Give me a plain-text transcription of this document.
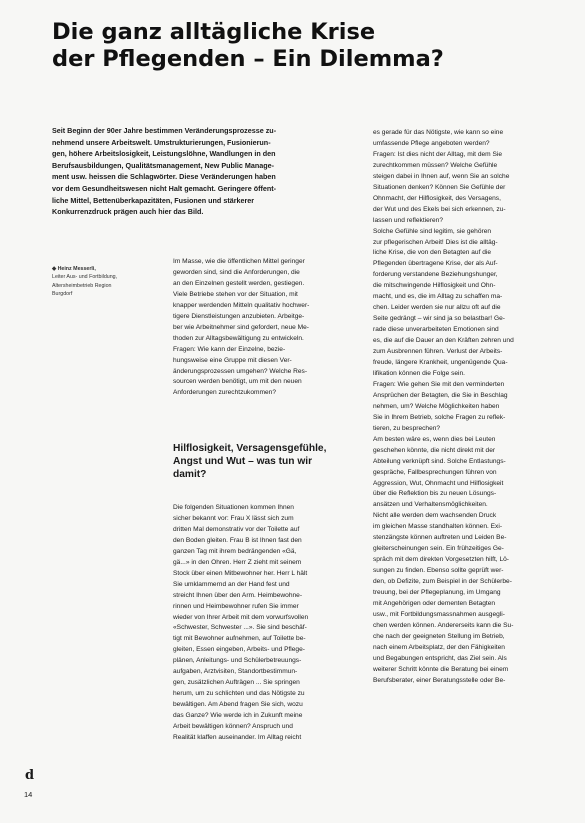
Die ganz alltägliche Krise
der Pflegenden – Ein Dilemma?
Seit Beginn der 90er Jahre bestimmen Veränderungsprozesse zu-
nehmend unsere Arbeitswelt. Umstrukturierungen, Fusionierun-
gen, höhere Arbeitslosigkeit, Leistungslöhne, Wandlungen in den
Berufsausbildungen, Qualitätsmanagement, New Public Manage-
ment usw. heissen die Schlagwörter. Diese Veränderungen haben
vor dem Gesundheitswesen nicht Halt gemacht. Geringere öffent-
liche Mittel, Bettenüberkapazitäten, Fusionen und stärkerer
Konkurrenzdruck prägen auch hier das Bild.
◆ Heinz Messerli,
Leiter Aus- und Fortbildung,
Altersheimbetrieb Region
Burgdorf
Im Masse, wie die öffentlichen Mittel geringer
geworden sind, sind die Anforderungen, die
an den Einzelnen gestellt werden, gestiegen.
Viele Betriebe stehen vor der Situation, mit
knapper werdenden Mitteln qualitativ hochwer-
tigere Dienstleistungen anzubieten. Arbeitge-
ber wie Arbeitnehmer sind gefordert, neue Me-
thoden zur Alltagsbewältigung zu entwickeln.
Fragen: Wie kann der Einzelne, bezie-
hungsweise eine Gruppe mit diesen Ver-
änderungsprozessen umgehen? Welche Res-
sourcen werden benötigt, um mit den neuen
Anforderungen zurechtzukommen?
Hilflosigkeit, Versagensgefühle,
Angst und Wut – was tun wir
damit?
Die folgenden Situationen kommen Ihnen
sicher bekannt vor: Frau X lässt sich zum
dritten Mal demonstrativ vor der Toilette auf
den Boden gleiten. Frau B ist Ihnen fast den
ganzen Tag mit ihrem bedrängenden «Gä,
gä...» in den Ohren. Herr Z zieht mit seinem
Stock über einen Mitbewohner her. Herr L hält
Sie umklammernd an der Hand fest und
streicht Ihnen über den Arm. Heimbewohne-
rinnen und Heimbewohner rufen Sie immer
wieder von Ihrer Arbeit mit dem vorwurfsvollen
«Schwester, Schwester ...». Sie sind beschäf-
tigt mit Bewohner aufnehmen, auf Toilette be-
gleiten, Essen eingeben, Arbeits- und Pflege-
plänen, Anleitungs- und Schülerbetreuungs-
aufgaben, Arztvisiten, Standortbestimmun-
gen, zusätzlichen Aufträgen ... Sie springen
herum, um zu schlichten und das Nötigste zu
bewältigen. Am Abend fragen Sie sich, wozu
das Ganze? Wie werde ich in Zukunft meine
Arbeit bewältigen können? Anspruch und
Realität klaffen auseinander. Im Alltag reicht
es gerade für das Nötigste, wie kann so eine
umfassende Pflege angeboten werden?
Fragen: Ist dies nicht der Alltag, mit dem Sie
zurechtkommen müssen? Welche Gefühle
steigen dabei in Ihnen auf, wenn Sie an solche
Situationen denken? Können Sie Gefühle der
Ohnmacht, der Hilflosigkeit, des Versagens,
der Wut und des Ekels bei sich erkennen, zu-
lassen und reflektieren?
Solche Gefühle sind legitim, sie gehören
zur pflegerischen Arbeit! Dies ist die alltäg-
liche Krise, die von den Betagten auf die
Pflegenden übertragene Krise, der als Auf-
forderung verstandene Beziehungshunger,
die mitschwingende Hilflosigkeit und Ohn-
macht, und es, die im Alltag zu schaffen ma-
chen. Leider werden sie nur allzu oft auf die
Seite gedrängt – wir sind ja so belastbar! Ge-
rade diese unverarbeiteten Emotionen sind
es, die auf die Dauer an den Kräften zehren und
zum Ausbrennen führen. Verlust der Arbeits-
freude, längere Krankheit, ungenügende Qua-
lifikation können die Folge sein.
Fragen: Wie gehen Sie mit den verminderten
Ansprüchen der Betagten, die Sie in Beschlag
nehmen, um? Welche Möglichkeiten haben
Sie in Ihrem Betrieb, solche Fragen zu reflek-
tieren, zu besprechen?
Am besten wäre es, wenn dies bei Leuten
geschehen könnte, die nicht direkt mit der
Abteilung verknüpft sind. Solche Entlastungs-
gespräche, Fallbesprechungen führen von
Aggression, Wut, Ohnmacht und Hilflosigkeit
über die Reflektion bis zu neuen Lösungs-
ansätzen und Verhaltensmöglichkeiten.
Nicht alle werden dem wachsenden Druck
im gleichen Masse standhalten können. Exi-
stenzängste können auftreten und Leiden Be-
gleiterscheinungen sein. Ein frühzeitiges Ge-
spräch mit dem direkten Vorgesetzten hilft, Lö-
sungen zu finden. Ebenso sollte geprüft wer-
den, ob Defizite, zum Beispiel in der Schülerbe-
treuung, bei der Pflegeplanung, im Umgang
mit Angehörigen oder dementen Betagten
usw., mit Fortbildungsmassnahmen ausgegli-
chen werden können. Andererseits kann die Su-
che nach der geeigneten Stellung im Betrieb,
nach einem Arbeitsplatz, der den Fähigkeiten
und Begabungen entspricht, das Ziel sein. Als
weiterer Schritt könnte die Beratung bei einem
Berufsberater, einer Beratungsstelle oder Be-
d
14
